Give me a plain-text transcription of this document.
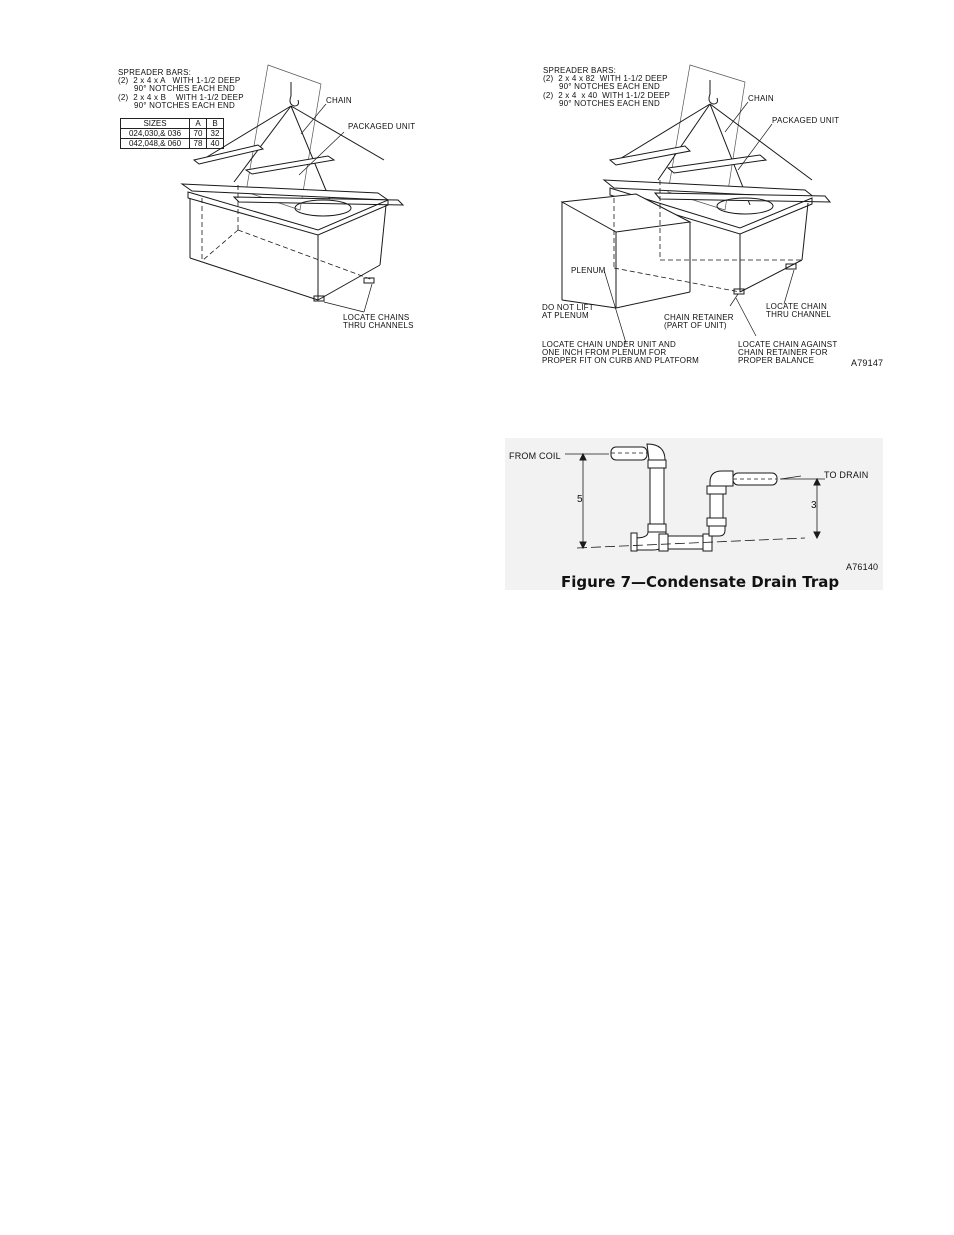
SPREADER BARS:
(2)  2 x 4 x A   WITH 1-1/2 DEEP
90° NOTCHES EACH END
(2)  2 x 4 x B    WITH 1-1/2 DEEP
90° NOTCHES EACH END
SIZES	A	B
024,030,& 036	70	32
042,048,& 060	78	40
CHAIN
PACKAGED UNIT
LOCATE CHAINS
THRU CHANNELS
SPREADER BARS:
(2)  2 x 4 x 82  WITH 1-1/2 DEEP
90° NOTCHES EACH END
(2)  2 x 4  x 40  WITH 1-1/2 DEEP
90° NOTCHES EACH END
CHAIN
PACKAGED UNIT
PLENUM
DO NOT LIFT
AT PLENUM	CHAIN RETAINER
(PART OF UNIT)
LOCATE CHAIN
THRU CHANNEL
LOCATE CHAIN UNDER UNIT AND
ONE INCH FROM PLENUM FOR
PROPER FIT ON CURB AND PLATFORM
LOCATE CHAIN AGAINST
CHAIN RETAINER FOR
PROPER BALANCE	A79147
FROM COIL
TO DRAIN
5
3
A76140
Figure 7—Condensate Drain Trap
